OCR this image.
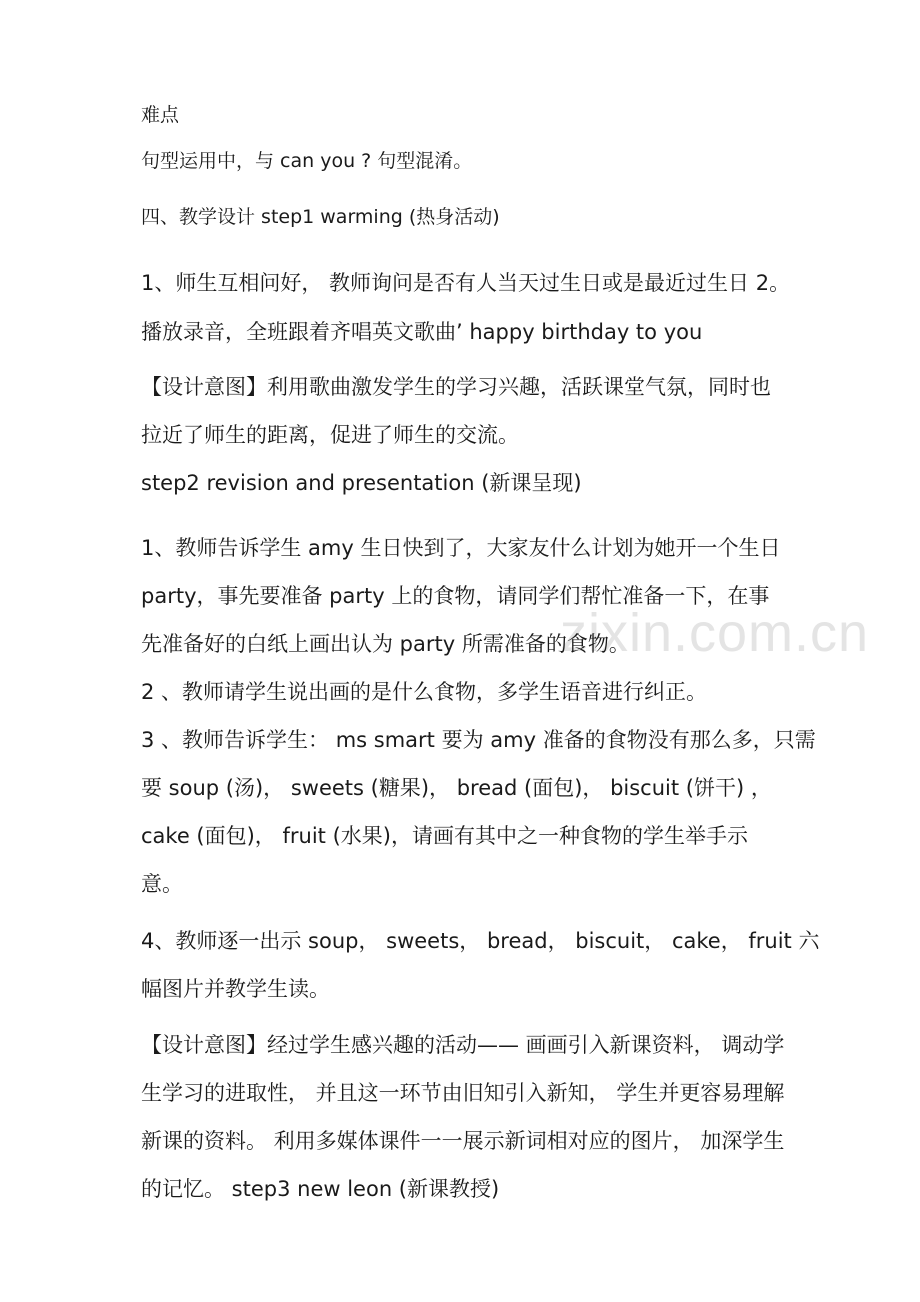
zixin.com.cn
难点
句型运用中，与 can you ? 句型混淆。
四、教学设计 step1 warming (热身活动)
1、师生互相问好， 教师询问是否有人当天过生日或是最近过生日 2。
播放录音，全班跟着齐唱英文歌曲’ happy birthday to you
【设计意图】利用歌曲激发学生的学习兴趣，活跃课堂气氛，同时也
拉近了师生的距离，促进了师生的交流。
step2 revision and presentation (新课呈现)
1、教师告诉学生 amy 生日快到了，大家友什么计划为她开一个生日
party，事先要准备 party 上的食物，请同学们帮忙准备一下，在事
先准备好的白纸上画出认为 party 所需准备的食物。
2 、教师请学生说出画的是什么食物，多学生语音进行纠正。
3 、教师告诉学生： ms smart 要为 amy 准备的食物没有那么多，只需
要 soup (汤)， sweets (糖果)， bread (面包)， biscuit (饼干) ，
cake (面包)， fruit (水果)，请画有其中之一种食物的学生举手示
意。
4、教师逐一出示 soup， sweets， bread， biscuit， cake， fruit 六
幅图片并教学生读。
【设计意图】经过学生感兴趣的活动—— 画画引入新课资料， 调动学
生学习的进取性， 并且这一环节由旧知引入新知， 学生并更容易理解
新课的资料。 利用多媒体课件一一展示新词相对应的图片， 加深学生
的记忆。 step3 new leon (新课教授)
